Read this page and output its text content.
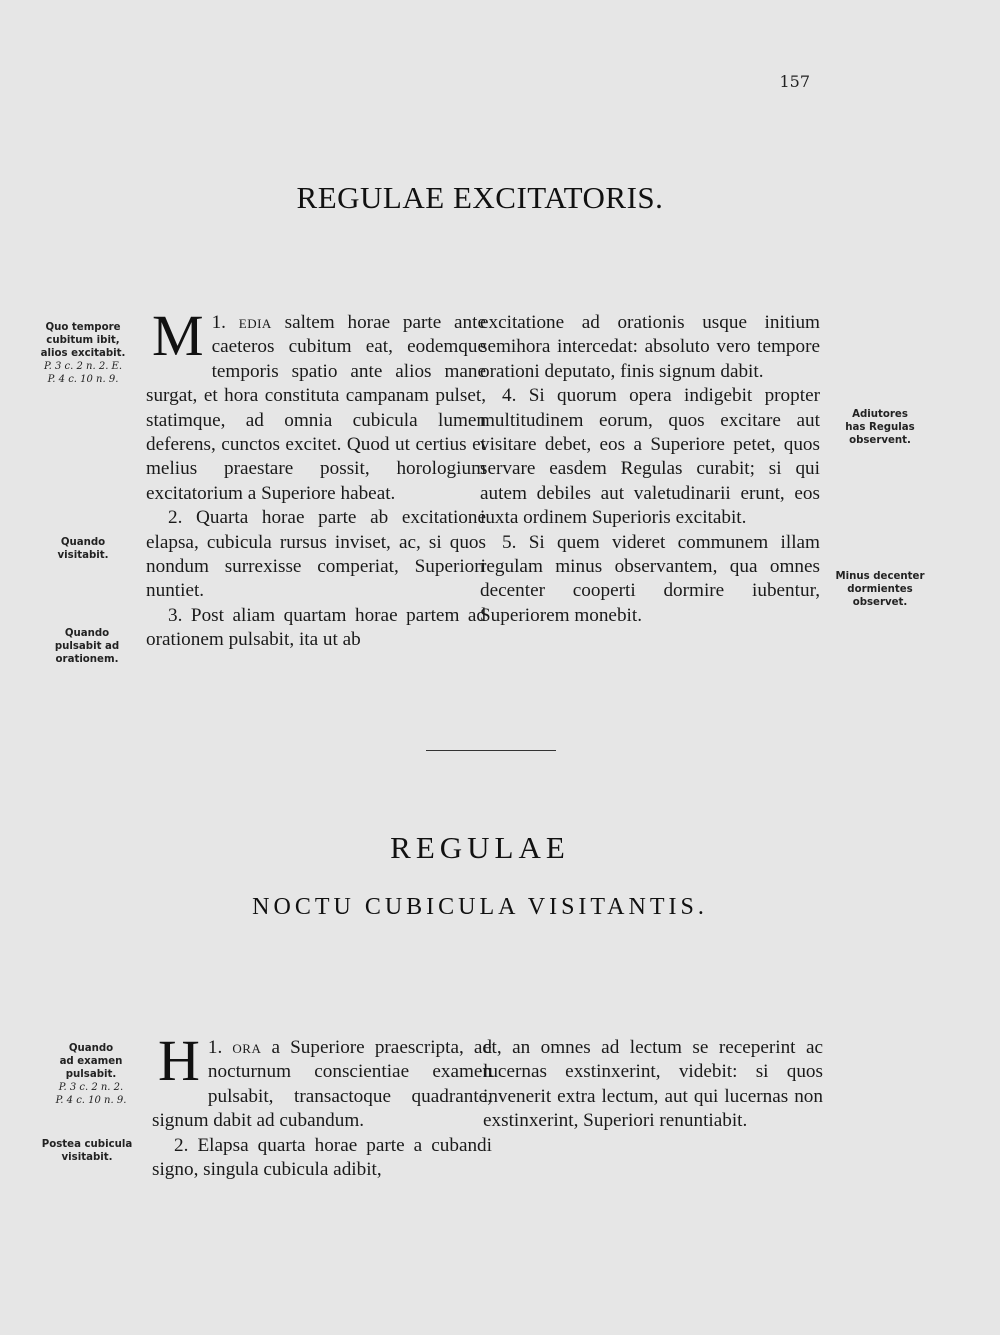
157
REGULAE EXCITATORIS.

1.
M edia saltem horae parte ante caeteros cubitum eat, eodemque temporis spatio ante alios mane surgat, et hora constituta campanam pulset, statimque, ad omnia cubicula lumen deferens, cunctos excitet. Quod ut certius et melius praestare possit, horologium excitatorium a Superiore habeat.

2. Quarta horae parte ab excitatione elapsa, cubicula rursus inviset, ac, si quos nondum surrexisse comperiat, Superiori nuntiet.

3. Post aliam quartam horae partem ad orationem pulsabit, ita ut ab

excitatione ad orationis usque initium semihora intercedat: absoluto vero tempore orationi deputato, finis signum dabit.

4. Si quorum opera indigebit propter multitudinem eorum, quos excitare aut visitare debet, eos a Superiore petet, quos servare easdem Regulas curabit; si qui autem debiles aut valetudinarii erunt, eos iuxta ordinem Superioris excitabit.

5. Si quem videret communem illam regulam minus observantem, qua omnes decenter cooperti dormire iubentur, Superiorem monebit.

REGULAE
NOCTU CUBICULA VISITANTIS.

1.
H ora a Superiore praescripta, ad nocturnum conscientiae examen pulsabit, transactoque quadrante, signum dabit ad cubandum.

2. Elapsa quarta horae parte a cubandi signo, singula cubicula adibit,

et, an omnes ad lectum se receperint ac lucernas exstinxerint, videbit: si quos invenerit extra lectum, aut qui lucernas non exstinxerint, Superiori renuntiabit.

Quo tempore
cubitum ibit,
alios excitabit.
P. 3 c. 2 n. 2. E.
P. 4 c. 10 n. 9.
Quando
visitabit.
Quando
pulsabit ad
orationem.
Adiutores
has Regulas
observent.
Minus decenter
dormientes
observet.
Quando
ad examen
pulsabit.
P. 3 c. 2 n. 2.
P. 4 c. 10 n. 9.
Postea cubicula
visitabit.
